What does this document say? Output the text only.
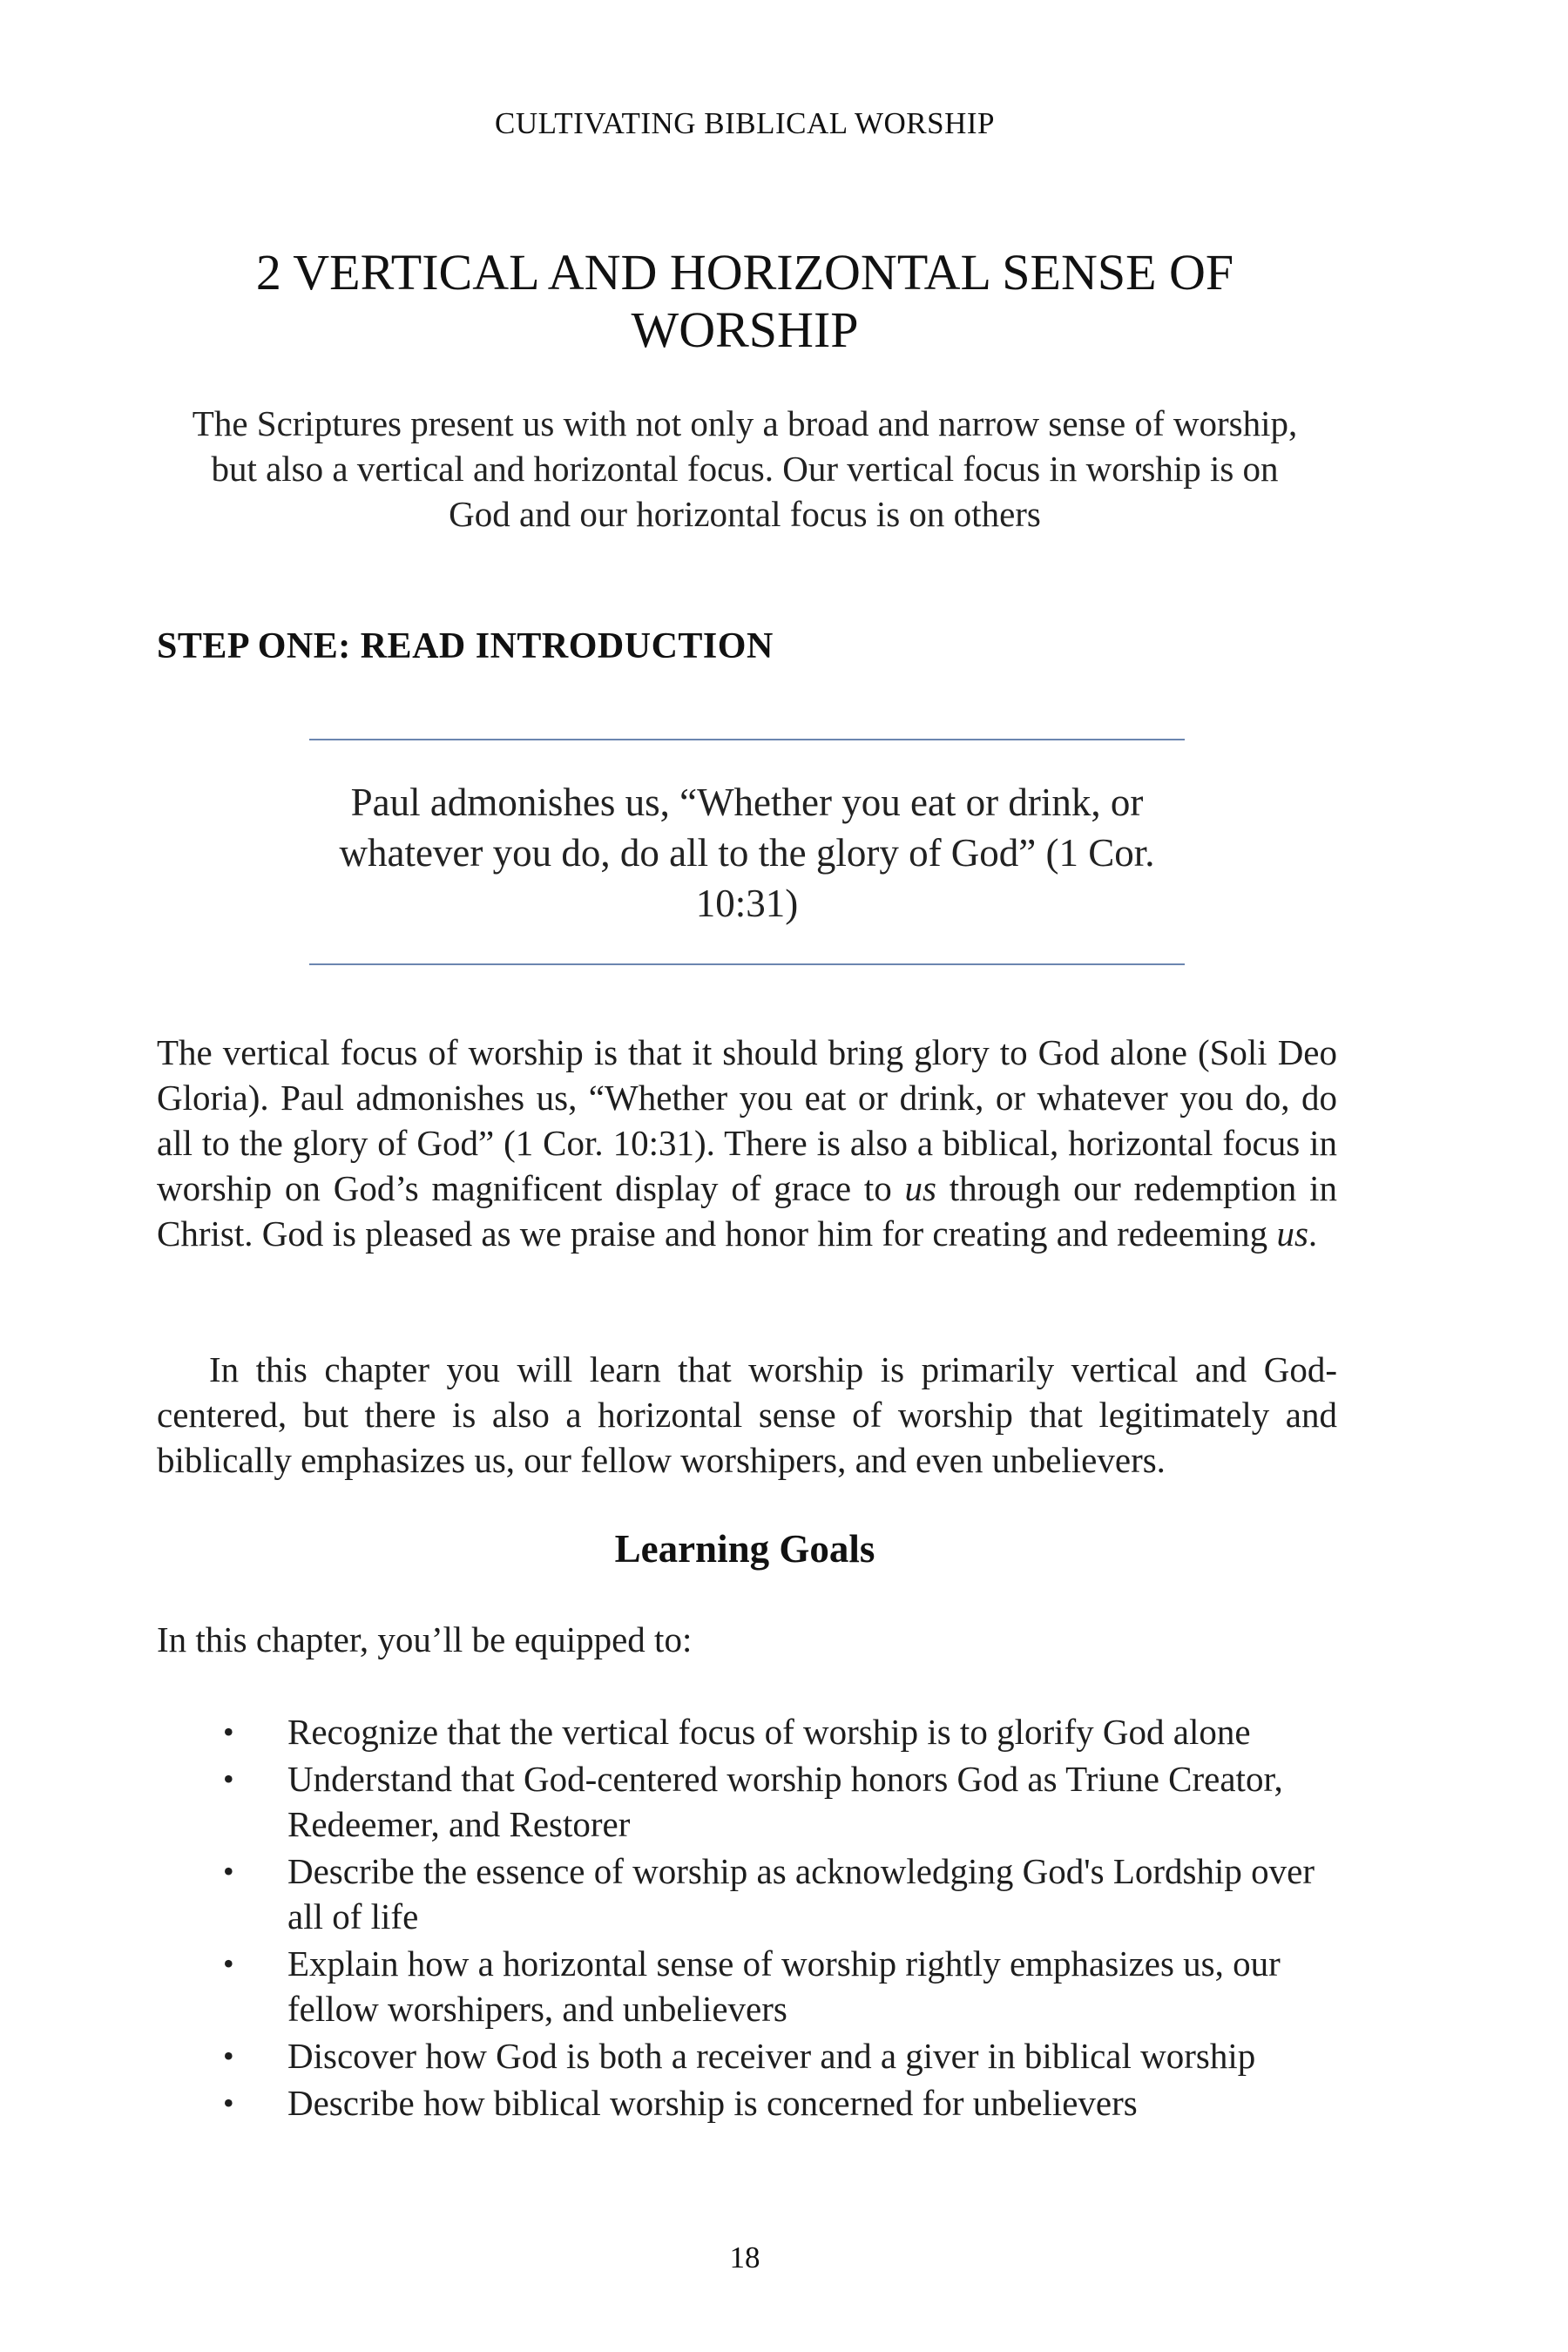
CULTIVATING BIBLICAL WORSHIP
2 VERTICAL AND HORIZONTAL SENSE OF WORSHIP

The Scriptures present us with not only a broad and narrow sense of worship, but also a vertical and horizontal focus. Our vertical focus in worship is on God and our horizontal focus is on others

STEP ONE: READ INTRODUCTION
Paul admonishes us, “Whether you eat or drink, or whatever you do, do all to the glory of God” (1 Cor. 10:31)

The vertical focus of worship is that it should bring glory to God alone (Soli Deo Gloria). Paul admonishes us, “Whether you eat or drink, or whatever you do, do all to the glory of God” (1 Cor. 10:31). There is also a biblical, horizontal focus in worship on God’s magnificent display of grace to us through our redemption in Christ. God is pleased as we praise and honor him for creating and redeeming us.

In this chapter you will learn that worship is primarily vertical and God-centered, but there is also a horizontal sense of worship that legitimately and biblically emphasizes us, our fellow worshipers, and even unbelievers.

Learning Goals

In this chapter, you’ll be equipped to:

• Recognize that the vertical focus of worship is to glorify God alone
• Understand that God-centered worship honors God as Triune Creator, Redeemer, and Restorer
• Describe the essence of worship as acknowledging God's Lordship over all of life
• Explain how a horizontal sense of worship rightly emphasizes us, our fellow worshipers, and unbelievers
• Discover how God is both a receiver and a giver in biblical worship
• Describe how biblical worship is concerned for unbelievers
18
